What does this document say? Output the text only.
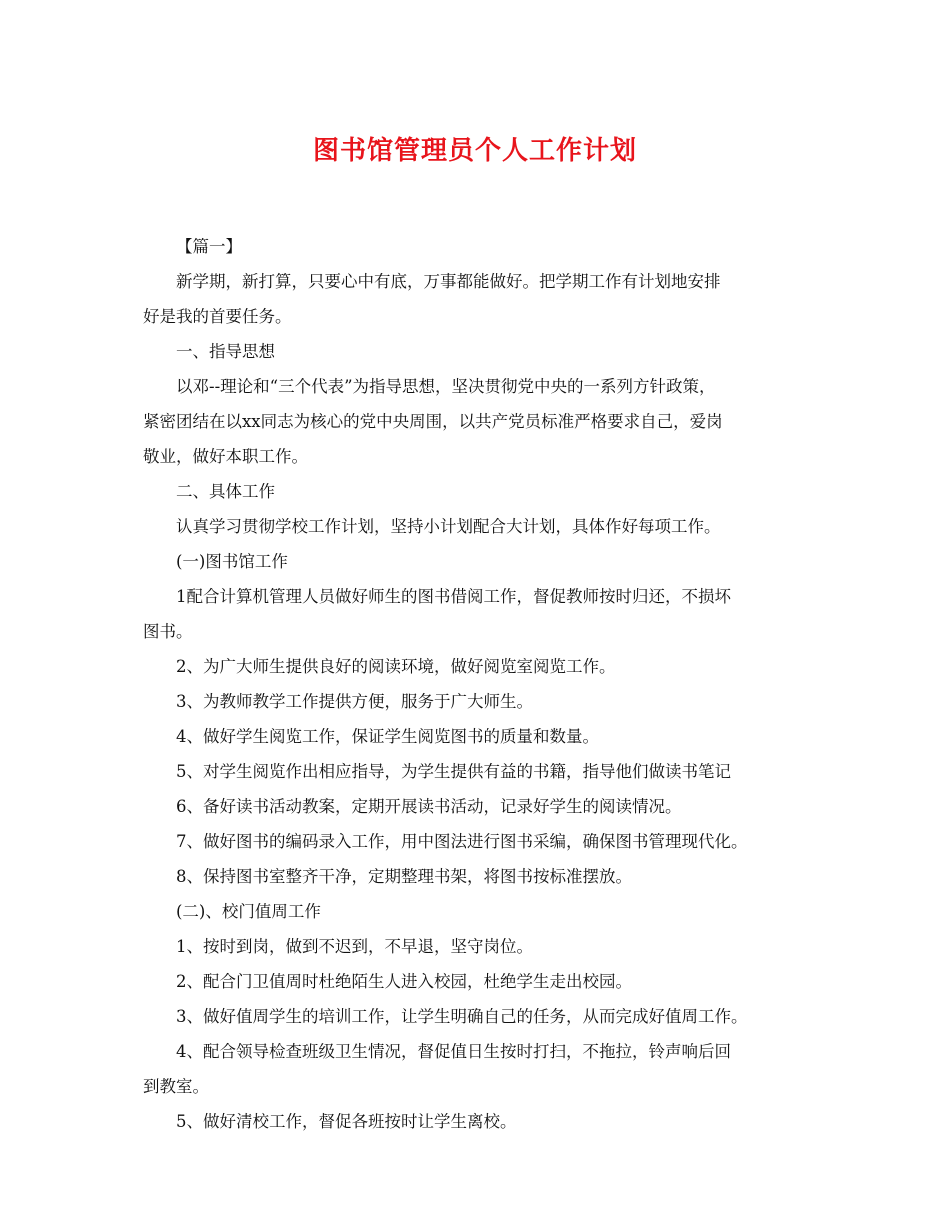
图书馆管理员个人工作计划

【篇一】

新学期，新打算，只要心中有底，万事都能做好。把学期工作有计划地安排
好是我的首要任务。

一、指导思想

以邓--理论和“三个代表”为指导思想，坚决贯彻党中央的一系列方针政策，
紧密团结在以xx同志为核心的党中央周围，以共产党员标准严格要求自己，爱岗
敬业，做好本职工作。

二、具体工作

认真学习贯彻学校工作计划，坚持小计划配合大计划，具体作好每项工作。

(一)图书馆工作

1配合计算机管理人员做好师生的图书借阅工作，督促教师按时归还，不损坏
图书。

2、为广大师生提供良好的阅读环境，做好阅览室阅览工作。

3、为教师教学工作提供方便，服务于广大师生。

4、做好学生阅览工作，保证学生阅览图书的质量和数量。

5、对学生阅览作出相应指导，为学生提供有益的书籍，指导他们做读书笔记

6、备好读书活动教案，定期开展读书活动，记录好学生的阅读情况。

7、做好图书的编码录入工作，用中图法进行图书采编，确保图书管理现代化。

8、保持图书室整齐干净，定期整理书架，将图书按标准摆放。

(二)、校门值周工作

1、按时到岗，做到不迟到，不早退，坚守岗位。

2、配合门卫值周时杜绝陌生人进入校园，杜绝学生走出校园。

3、做好值周学生的培训工作，让学生明确自己的任务，从而完成好值周工作。

4、配合领导检查班级卫生情况，督促值日生按时打扫，不拖拉，铃声响后回
到教室。

5、做好清校工作，督促各班按时让学生离校。
